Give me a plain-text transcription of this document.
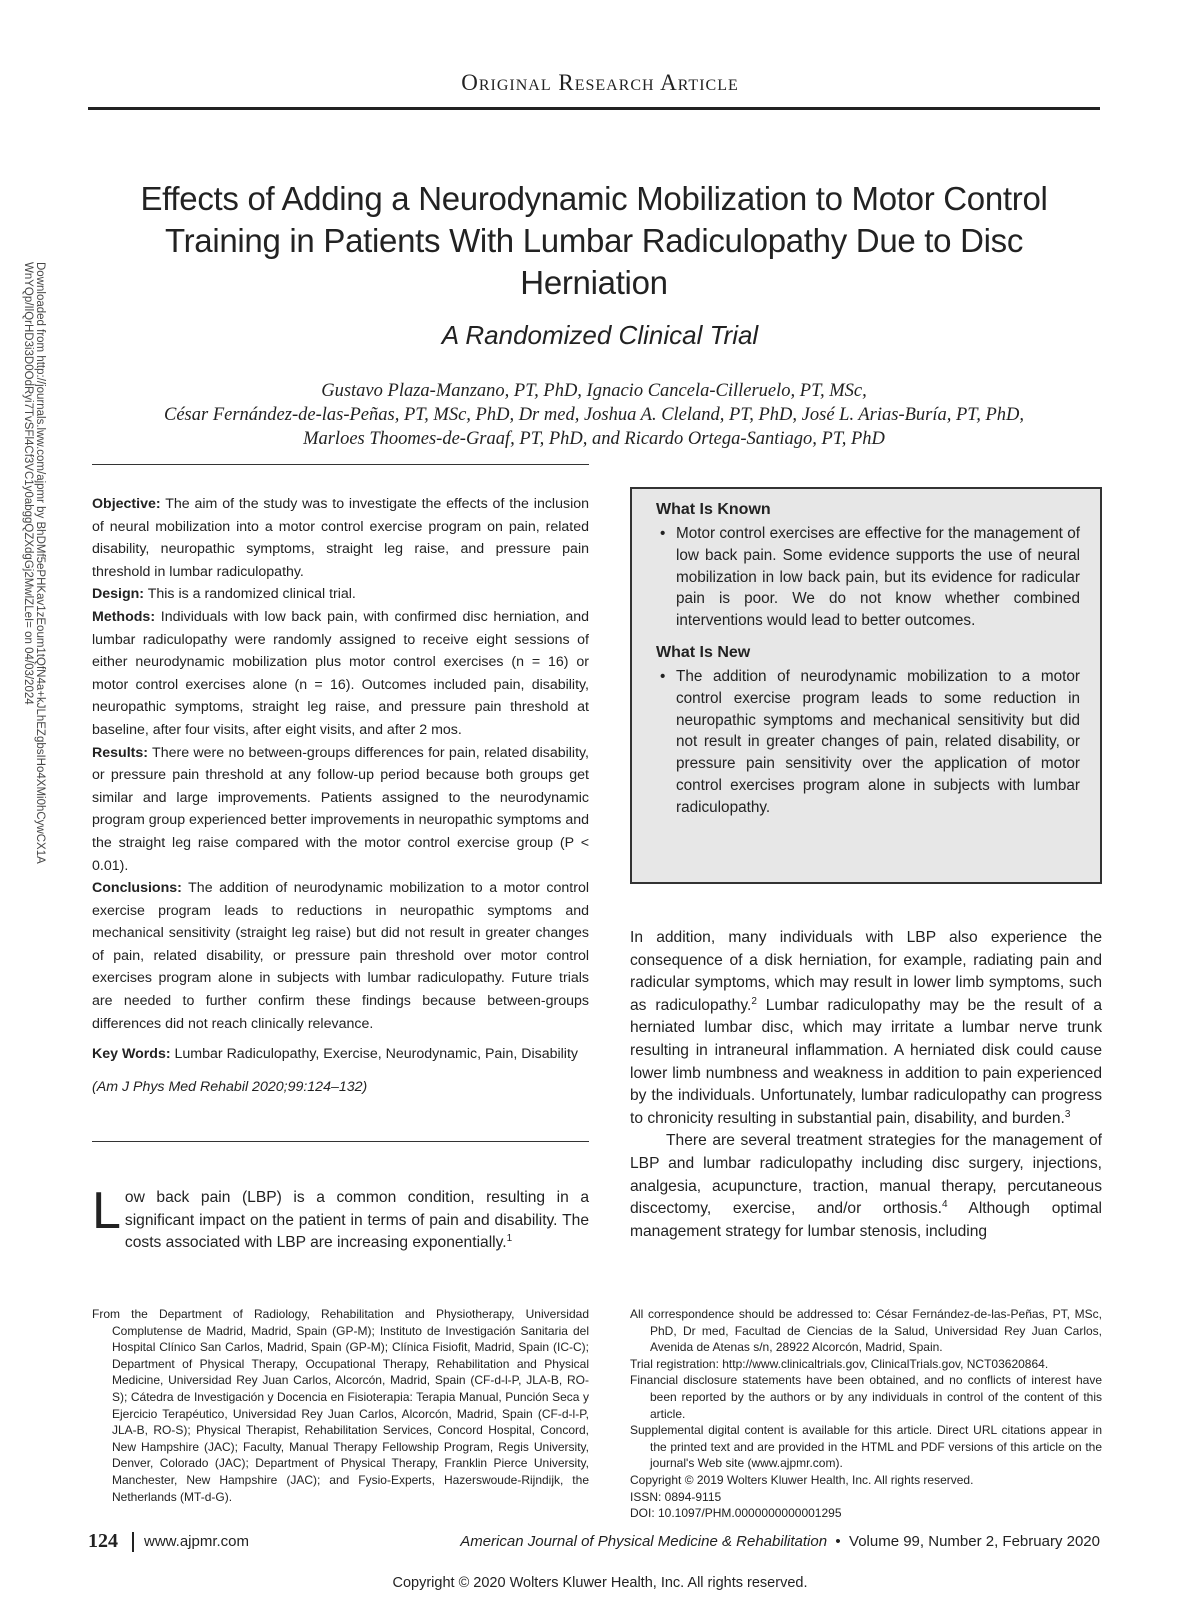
Downloaded from http://journals.lww.com/ajpmr by BhDMf5ePHKav1zEoum1tQfN4a+kJLhEZgbsIHo4XMi0hCywCX1A
WnYQp/IlQrHD3i3D0OdRyi7TvSFl4Cf3VC1y0abggQZXdgGj2MwlZLeI= on 04/03/2024
Original Research Article
Effects of Adding a Neurodynamic Mobilization to Motor Control
Training in Patients With Lumbar Radiculopathy Due to Disc
Herniation
A Randomized Clinical Trial
Gustavo Plaza-Manzano, PT, PhD, Ignacio Cancela-Cilleruelo, PT, MSc,
César Fernández-de-las-Peñas, PT, MSc, PhD, Dr med, Joshua A. Cleland, PT, PhD, José L. Arias-Buría, PT, PhD,
Marloes Thoomes-de-Graaf, PT, PhD, and Ricardo Ortega-Santiago, PT, PhD

Objective: The aim of the study was to investigate the effects of the inclusion of neural mobilization into a motor control exercise program on pain, related disability, neuropathic symptoms, straight leg raise, and pressure pain threshold in lumbar radiculopathy.

Design: This is a randomized clinical trial.

Methods: Individuals with low back pain, with confirmed disc herniation, and lumbar radiculopathy were randomly assigned to receive eight sessions of either neurodynamic mobilization plus motor control exercises (n = 16) or motor control exercises alone (n = 16). Outcomes included pain, disability, neuropathic symptoms, straight leg raise, and pressure pain threshold at baseline, after four visits, after eight visits, and after 2 mos.

Results: There were no between-groups differences for pain, related disability, or pressure pain threshold at any follow-up period because both groups get similar and large improvements. Patients assigned to the neurodynamic program group experienced better improvements in neuropathic symptoms and the straight leg raise compared with the motor control exercise group (P < 0.01).

Conclusions: The addition of neurodynamic mobilization to a motor control exercise program leads to reductions in neuropathic symptoms and mechanical sensitivity (straight leg raise) but did not result in greater changes of pain, related disability, or pressure pain threshold over motor control exercises program alone in subjects with lumbar radiculopathy. Future trials are needed to further confirm these findings because between-groups differences did not reach clinically relevance.

Key Words: Lumbar Radiculopathy, Exercise, Neurodynamic, Pain, Disability

(Am J Phys Med Rehabil 2020;99:124–132)

What Is Known
• Motor control exercises are effective for the management of low back pain. Some evidence supports the use of neural mobilization in low back pain, but its evidence for radicular pain is poor. We do not know whether combined interventions would lead to better outcomes.
What Is New
• The addition of neurodynamic mobilization to a motor control exercise program leads to some reduction in neuropathic symptoms and mechanical sensitivity but did not result in greater changes of pain, related disability, or pressure pain sensitivity over the application of motor control exercises program alone in subjects with lumbar radiculopathy.

In addition, many individuals with LBP also experience the consequence of a disk herniation, for example, radiating pain and radicular symptoms, which may result in lower limb symptoms, such as radiculopathy.$^2$ Lumbar radiculopathy may be the result of a herniated lumbar disc, which may irritate a lumbar nerve trunk resulting in intraneural inflammation. A herniated disk could cause lower limb numbness and weakness in addition to pain experienced by the individuals. Unfortunately, lumbar radiculopathy can progress to chronicity resulting in substantial pain, disability, and burden.$^3$

There are several treatment strategies for the management of LBP and lumbar radiculopathy including disc surgery, injections, analgesia, acupuncture, traction, manual therapy, percutaneous discectomy, exercise, and/or orthosis.$^4$ Although optimal management strategy for lumbar stenosis, including

Low back pain (LBP) is a common condition, resulting in a significant impact on the patient in terms of pain and disability. The costs associated with LBP are increasing exponentially.$^1$
From the Department of Radiology, Rehabilitation and Physiotherapy, Universidad Complutense de Madrid, Madrid, Spain (GP-M); Instituto de Investigación Sanitaria del Hospital Clínico San Carlos, Madrid, Spain (GP-M); Clínica Fisiofit, Madrid, Spain (IC-C); Department of Physical Therapy, Occupational Therapy, Rehabilitation and Physical Medicine, Universidad Rey Juan Carlos, Alcorcón, Madrid, Spain (CF-d-l-P, JLA-B, RO-S); Cátedra de Investigación y Docencia en Fisioterapia: Terapia Manual, Punción Seca y Ejercicio Terapéutico, Universidad Rey Juan Carlos, Alcorcón, Madrid, Spain (CF-d-l-P, JLA-B, RO-S); Physical Therapist, Rehabilitation Services, Concord Hospital, Concord, New Hampshire (JAC); Faculty, Manual Therapy Fellowship Program, Regis University, Denver, Colorado (JAC); Department of Physical Therapy, Franklin Pierce University, Manchester, New Hampshire (JAC); and Fysio-Experts, Hazerswoude-Rijndijk, the Netherlands (MT-d-G).

All correspondence should be addressed to: César Fernández-de-las-Peñas, PT, MSc, PhD, Dr med, Facultad de Ciencias de la Salud, Universidad Rey Juan Carlos, Avenida de Atenas s/n, 28922 Alcorcón, Madrid, Spain.

Trial registration: http://www.clinicaltrials.gov, ClinicalTrials.gov, NCT03620864.

Financial disclosure statements have been obtained, and no conflicts of interest have been reported by the authors or by any individuals in control of the content of this article.

Supplemental digital content is available for this article. Direct URL citations appear in the printed text and are provided in the HTML and PDF versions of this article on the journal's Web site (www.ajpmr.com).

Copyright © 2019 Wolters Kluwer Health, Inc. All rights reserved.

ISSN: 0894-9115

DOI: 10.1097/PHM.0000000000001295

124 www.ajpmr.com	American Journal of Physical Medicine & Rehabilitation • Volume 99, Number 2, February 2020
Copyright © 2020 Wolters Kluwer Health, Inc. All rights reserved.
